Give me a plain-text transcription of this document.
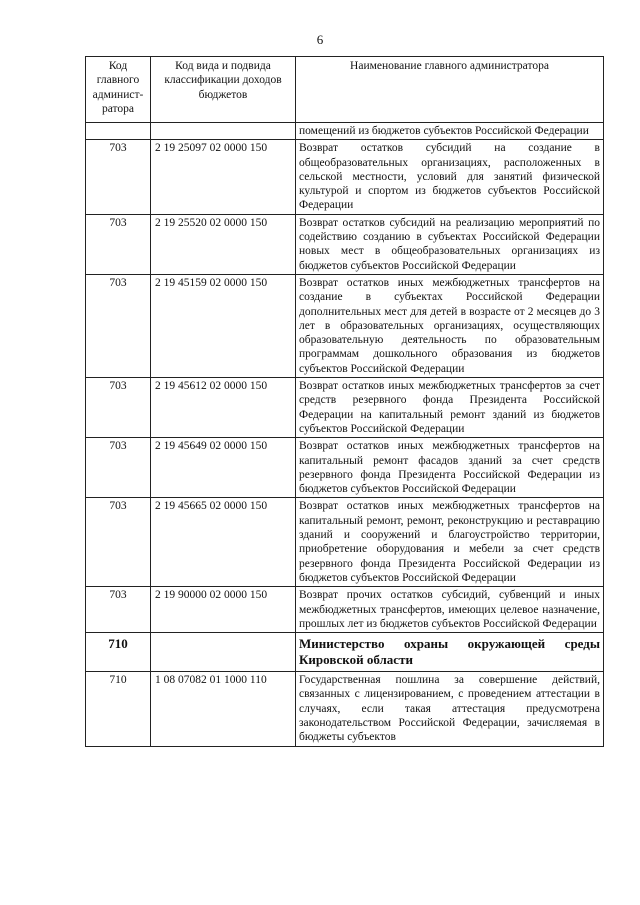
6
Код главного админист-ратора	Код вида и подвида классификации доходов бюджетов	Наименование главного администратора
		помещений из бюджетов субъектов Российской Федерации
703	2 19 25097 02 0000 150	Возврат остатков субсидий на создание в общеобразовательных организациях, расположенных в сельской местности, условий для занятий физической культурой и спортом из бюджетов субъектов Российской Федерации
703	2 19 25520 02 0000 150	Возврат остатков субсидий на реализацию мероприятий по содействию созданию в субъектах Российской Федерации новых мест в общеобразовательных организациях из бюджетов субъектов Российской Федерации
703	2 19 45159 02 0000 150	Возврат остатков иных межбюджетных трансфертов на создание в субъектах Российской Федерации дополнительных мест для детей в возрасте от 2 месяцев до 3 лет в образовательных организациях, осуществляющих образовательную деятельность по образовательным программам дошкольного образования из бюджетов субъектов Российской Федерации
703	2 19 45612 02 0000 150	Возврат остатков иных межбюджетных трансфертов за счет средств резервного фонда Президента Российской Федерации на капитальный ремонт зданий из бюджетов субъектов Российской Федерации
703	2 19 45649 02 0000 150	Возврат остатков иных межбюджетных трансфертов на капитальный ремонт фасадов зданий за счет средств резервного фонда Президента Российской Федерации из бюджетов субъектов Российской Федерации
703	2 19 45665 02 0000 150	Возврат остатков иных межбюджетных трансфертов на капитальный ремонт, ремонт, реконструкцию и реставрацию зданий и сооружений и благоустройство территории, приобретение оборудования и мебели за счет средств резервного фонда Президента Российской Федерации из бюджетов субъектов Российской Федерации
703	2 19 90000 02 0000 150	Возврат прочих остатков субсидий, субвенций и иных межбюджетных трансфертов, имеющих целевое назначение, прошлых лет из бюджетов субъектов Российской Федерации
710		Министерство охраны окружающей среды Кировской области
710	1 08 07082 01 1000 110	Государственная пошлина за совершение действий, связанных с лицензированием, с проведением аттестации в случаях, если такая аттестация предусмотрена законодательством Российской Федерации, зачисляемая в бюджеты субъектов
